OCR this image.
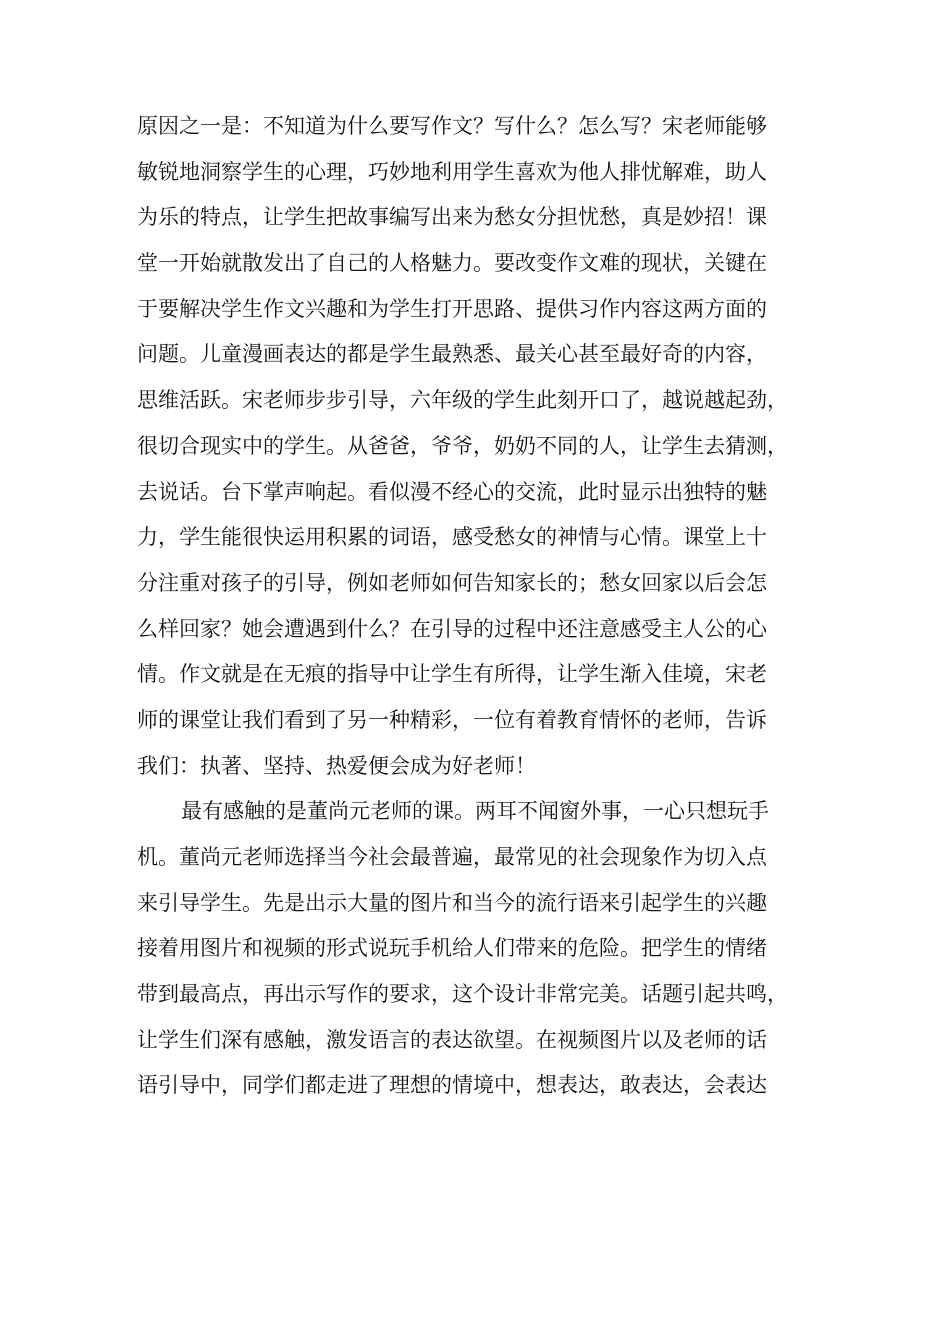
原因之一是：不知道为什么要写作文？写什么？怎么写？宋老师能够
敏锐地洞察学生的心理，巧妙地利用学生喜欢为他人排忧解难，助人
为乐的特点，让学生把故事编写出来为愁女分担忧愁，真是妙招！课
堂一开始就散发出了自己的人格魅力。要改变作文难的现状，关键在
于要解决学生作文兴趣和为学生打开思路、提供习作内容这两方面的
问题。儿童漫画表达的都是学生最熟悉、最关心甚至最好奇的内容，
思维活跃。宋老师步步引导，六年级的学生此刻开口了，越说越起劲，
很切合现实中的学生。从爸爸，爷爷，奶奶不同的人，让学生去猜测，
去说话。台下掌声响起。看似漫不经心的交流，此时显示出独特的魅
力，学生能很快运用积累的词语，感受愁女的神情与心情。课堂上十
分注重对孩子的引导，例如老师如何告知家长的；愁女回家以后会怎
么样回家？她会遭遇到什么？在引导的过程中还注意感受主人公的心
情。作文就是在无痕的指导中让学生有所得，让学生渐入佳境，宋老
师的课堂让我们看到了另一种精彩，一位有着教育情怀的老师，告诉
我们：执著、坚持、热爱便会成为好老师！
最有感触的是董尚元老师的课。两耳不闻窗外事，一心只想玩手
机。董尚元老师选择当今社会最普遍，最常见的社会现象作为切入点
来引导学生。先是出示大量的图片和当今的流行语来引起学生的兴趣
接着用图片和视频的形式说玩手机给人们带来的危险。把学生的情绪
带到最高点，再出示写作的要求，这个设计非常完美。话题引起共鸣，
让学生们深有感触，激发语言的表达欲望。在视频图片以及老师的话
语引导中，同学们都走进了理想的情境中，想表达，敢表达，会表达
